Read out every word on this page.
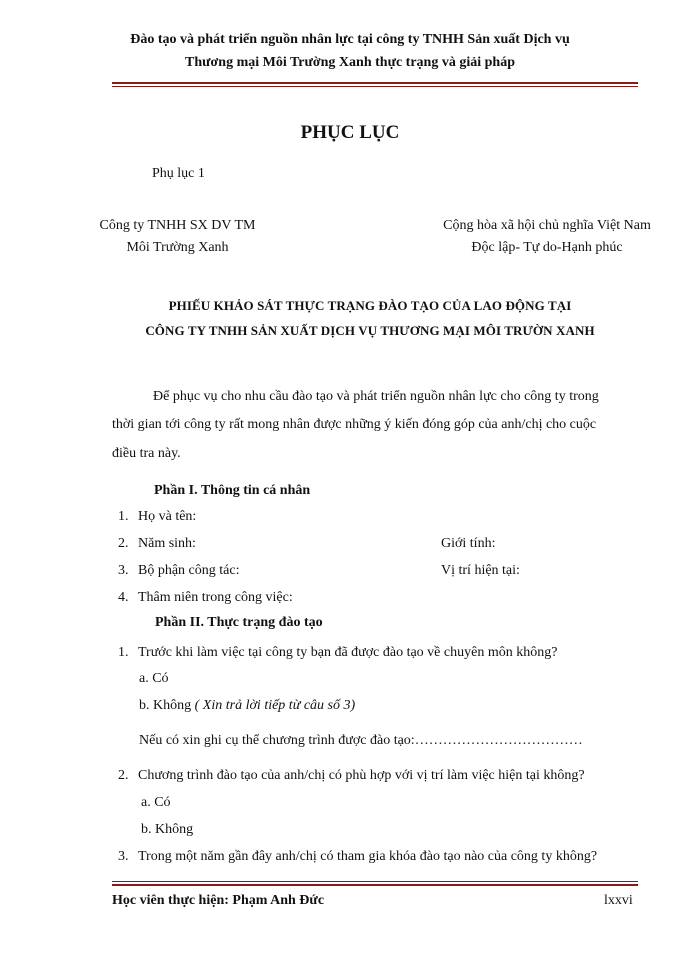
Đào tạo và phát triển nguồn nhân lực tại công ty TNHH Sản xuất Dịch vụ
Thương mại Môi Trường Xanh thực trạng và giải pháp
PHỤC LỤC
Phụ lục 1
Công ty TNHH SX DV TM
Môi Trường Xanh
Cộng hòa xã hội chủ nghĩa Việt Nam
Độc lập- Tự do-Hạnh phúc
PHIẾU KHẢO SÁT THỰC TRẠNG ĐÀO TẠO CỦA LAO ĐỘNG TẠI
CÔNG TY TNHH SẢN XUẤT DỊCH VỤ THƯƠNG MẠI MÔI TRƯỜN XANH
Để phục vụ cho nhu cầu đào tạo và phát triển nguồn nhân lực cho công ty trong
thời gian tới công ty rất mong nhân được những ý kiến đóng góp của anh/chị cho cuộc
điều tra này.
Phần I. Thông tin cá nhân
1. Họ và tên:
2. Năm sinh:	Giới tính:
3. Bộ phận công tác:	Vị trí hiện tại:
4. Thâm niên trong công việc:
Phần II. Thực trạng đào tạo
1. Trước khi làm việc tại công ty bạn đã được đào tạo về chuyên môn không?
a. Có
b. Không ( Xin trả lời tiếp từ câu số 3)
Nếu có xin ghi cụ thể chương trình được đào tạo:………………………………
2. Chương trình đào tạo của anh/chị có phù hợp với vị trí làm việc hiện tại không?
a. Có
b. Không
3. Trong một năm gần đây anh/chị có tham gia khóa đào tạo nào của công ty không?
Học viên thực hiện: Phạm Anh Đức	lxxvi
